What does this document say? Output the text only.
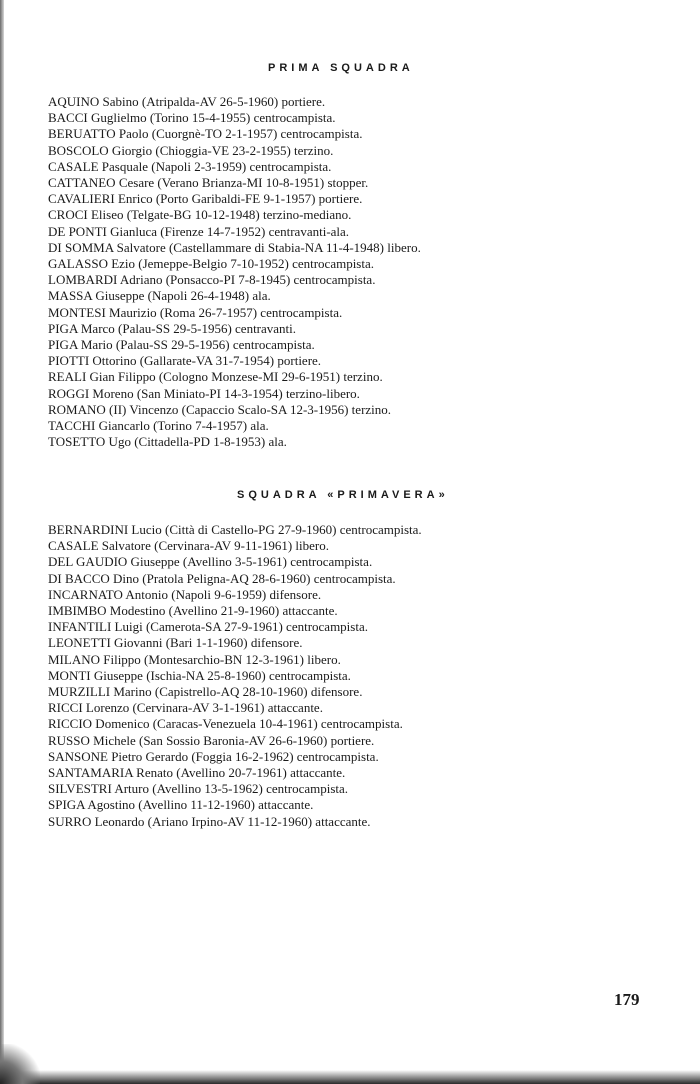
PRIMA SQUADRA
AQUINO Sabino (Atripalda-AV 26-5-1960) portiere.
BACCI Guglielmo (Torino 15-4-1955) centrocampista.
BERUATTO Paolo (Cuorgnè-TO 2-1-1957) centrocampista.
BOSCOLO Giorgio (Chioggia-VE 23-2-1955) terzino.
CASALE Pasquale (Napoli 2-3-1959) centrocampista.
CATTANEO Cesare (Verano Brianza-MI 10-8-1951) stopper.
CAVALIERI Enrico (Porto Garibaldi-FE 9-1-1957) portiere.
CROCI Eliseo (Telgate-BG 10-12-1948) terzino-mediano.
DE PONTI Gianluca (Firenze 14-7-1952) centravanti-ala.
DI SOMMA Salvatore (Castellammare di Stabia-NA 11-4-1948) libero.
GALASSO Ezio (Jemeppe-Belgio 7-10-1952) centrocampista.
LOMBARDI Adriano (Ponsacco-PI 7-8-1945) centrocampista.
MASSA Giuseppe (Napoli 26-4-1948) ala.
MONTESI Maurizio (Roma 26-7-1957) centrocampista.
PIGA Marco (Palau-SS 29-5-1956) centravanti.
PIGA Mario (Palau-SS 29-5-1956) centrocampista.
PIOTTI Ottorino (Gallarate-VA 31-7-1954) portiere.
REALI Gian Filippo (Cologno Monzese-MI 29-6-1951) terzino.
ROGGI Moreno (San Miniato-PI 14-3-1954) terzino-libero.
ROMANO (II) Vincenzo (Capaccio Scalo-SA 12-3-1956) terzino.
TACCHI Giancarlo (Torino 7-4-1957) ala.
TOSETTO Ugo (Cittadella-PD 1-8-1953) ala.
SQUADRA «PRIMAVERA»
BERNARDINI Lucio (Città di Castello-PG 27-9-1960) centrocampista.
CASALE Salvatore (Cervinara-AV 9-11-1961) libero.
DEL GAUDIO Giuseppe (Avellino 3-5-1961) centrocampista.
DI BACCO Dino (Pratola Peligna-AQ 28-6-1960) centrocampista.
INCARNATO Antonio (Napoli 9-6-1959) difensore.
IMBIMBO Modestino (Avellino 21-9-1960) attaccante.
INFANTILI Luigi (Camerota-SA 27-9-1961) centrocampista.
LEONETTI Giovanni (Bari 1-1-1960) difensore.
MILANO Filippo (Montesarchio-BN 12-3-1961) libero.
MONTI Giuseppe (Ischia-NA 25-8-1960) centrocampista.
MURZILLI Marino (Capistrello-AQ 28-10-1960) difensore.
RICCI Lorenzo (Cervinara-AV 3-1-1961) attaccante.
RICCIO Domenico (Caracas-Venezuela 10-4-1961) centrocampista.
RUSSO Michele (San Sossio Baronia-AV 26-6-1960) portiere.
SANSONE Pietro Gerardo (Foggia 16-2-1962) centrocampista.
SANTAMARIA Renato (Avellino 20-7-1961) attaccante.
SILVESTRI Arturo (Avellino 13-5-1962) centrocampista.
SPIGA Agostino (Avellino 11-12-1960) attaccante.
SURRO Leonardo (Ariano Irpino-AV 11-12-1960) attaccante.
179
